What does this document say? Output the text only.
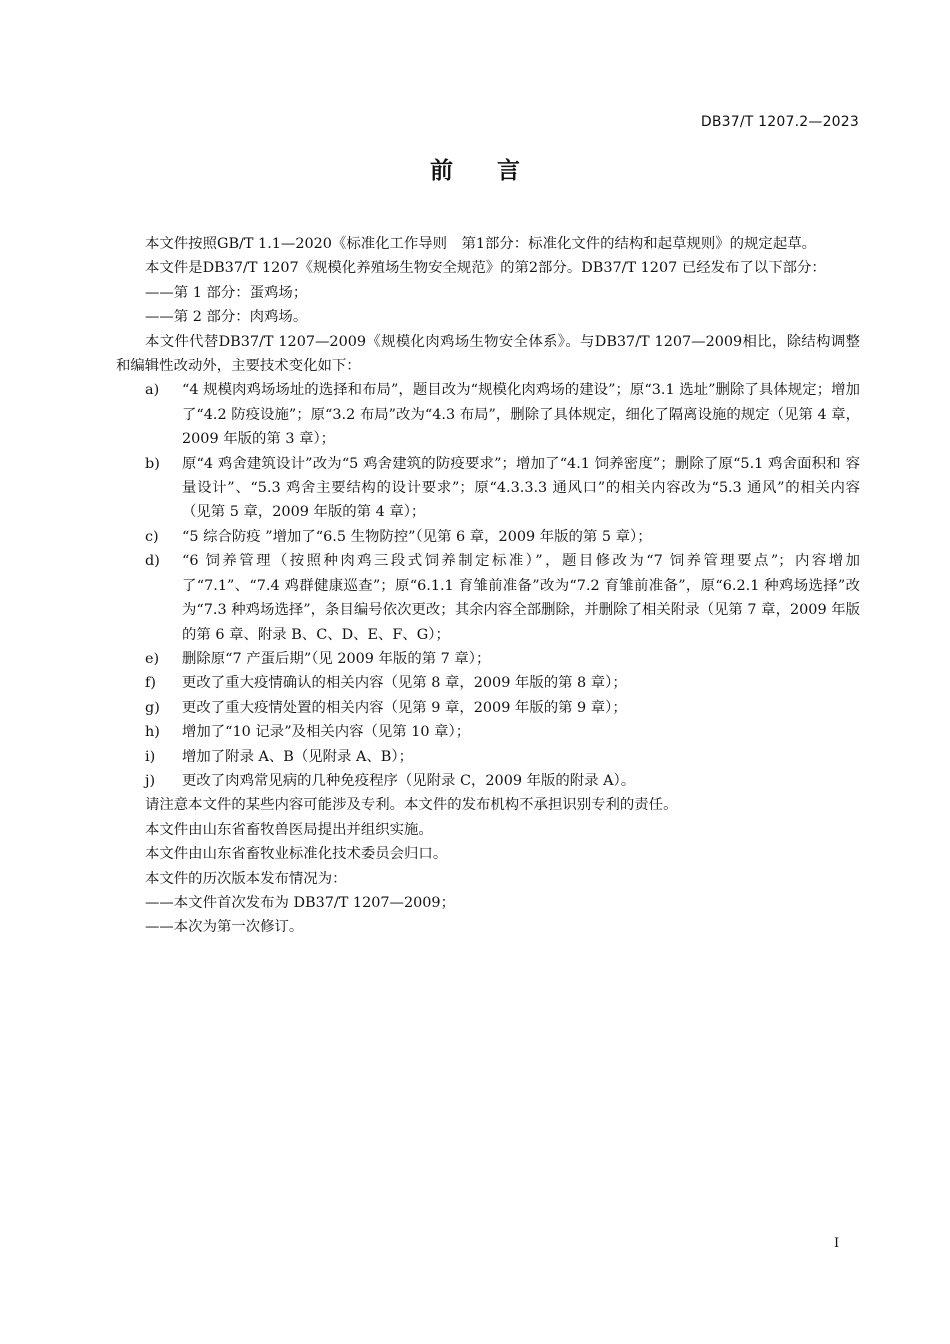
DB37/T 1207.2—2023
前言

本文件按照GB/T 1.1—2020《标准化工作导则　第1部分：标准化文件的结构和起草规则》的规定起草。

本文件是DB37/T 1207《规模化养殖场生物安全规范》的第2部分。DB37/T 1207 已经发布了以下部分：

——第 1 部分：蛋鸡场；

——第 2 部分：肉鸡场。

本文件代替DB37/T 1207—2009《规模化肉鸡场生物安全体系》。与DB37/T 1207—2009相比，除结构调整和编辑性改动外，主要技术变化如下：

a) “4 规模肉鸡场场址的选择和布局”，题目改为“规模化肉鸡场的建设”；原“3.1 选址”删除了具体规定；增加了“4.2 防疫设施”；原“3.2 布局”改为“4.3 布局”，删除了具体规定，细化了隔离设施的规定（见第 4 章，2009 年版的第 3 章）；
b) 原“4 鸡舍建筑设计”改为“5 鸡舍建筑的防疫要求”；增加了“4.1 饲养密度”；删除了原“5.1 鸡舍面积和 容量设计”、“5.3 鸡舍主要结构的设计要求”；原“4.3.3.3 通风口”的相关内容改为“5.3 通风”的相关内容（见第 5 章，2009 年版的第 4 章）；
c) “5 综合防疫 ”增加了“6.5 生物防控”（见第 6 章，2009 年版的第 5 章）；
d) “6 饲养管理（按照种肉鸡三段式饲养制定标准）”，题目修改为“7 饲养管理要点”；内容增加了“7.1”、“7.4 鸡群健康巡查”；原“6.1.1 育雏前准备”改为“7.2 育雏前准备”，原“6.2.1 种鸡场选择”改为“7.3 种鸡场选择”，条目编号依次更改；其余内容全部删除，并删除了相关附录（见第 7 章，2009 年版的第 6 章、附录 B、C、D、E、F、G）；
e) 删除原“7 产蛋后期”（见 2009 年版的第 7 章）；
f) 更改了重大疫情确认的相关内容（见第 8 章，2009 年版的第 8 章）；
g) 更改了重大疫情处置的相关内容（见第 9 章，2009 年版的第 9 章）；
h) 增加了“10 记录”及相关内容（见第 10 章）；
i) 增加了附录 A、B（见附录 A、B）；
j) 更改了肉鸡常见病的几种免疫程序（见附录 C，2009 年版的附录 A）。

请注意本文件的某些内容可能涉及专利。本文件的发布机构不承担识别专利的责任。

本文件由山东省畜牧兽医局提出并组织实施。

本文件由山东省畜牧业标准化技术委员会归口。

本文件的历次版本发布情况为：

——本文件首次发布为 DB37/T 1207—2009；

——本次为第一次修订。

I
